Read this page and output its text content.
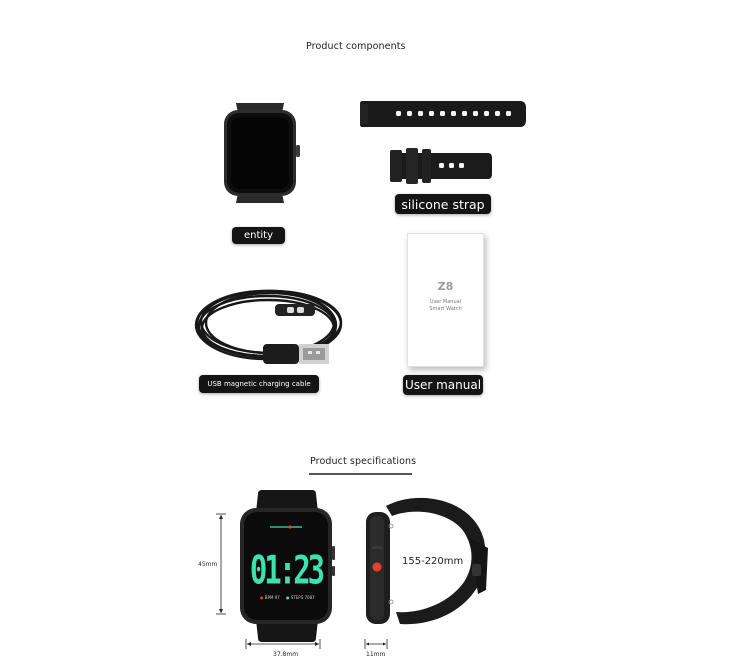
Product components
entity
silicone strap
USB magnetic charging cable
Z8
User Manual
Smart Watch
User manual
Product specifications
01:23
● BPM 97 ● STEPS 7087
45mm
37.8mm
155-220mm
11mm
